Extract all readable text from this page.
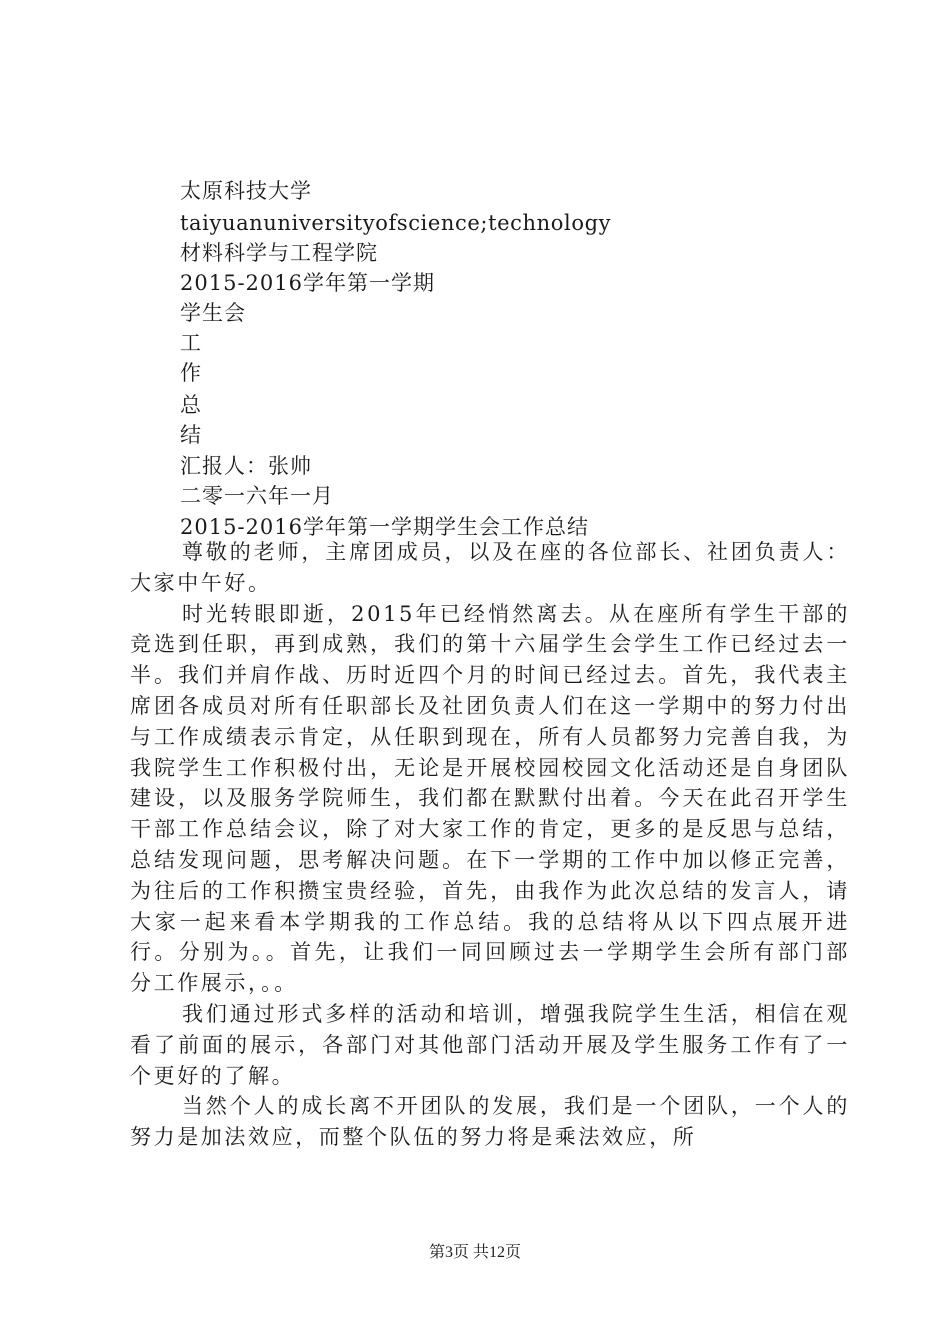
太原科技大学
taiyuanuniversityofscience;technology
材料科学与工程学院
2015-2016学年第一学期
学生会
工
作
总
结
汇报人：张帅
二零一六年一月
2015-2016学年第一学期学生会工作总结

尊敬的老师，主席团成员，以及在座的各位部长、社团负责人：大家中午好。

时光转眼即逝，2015年已经悄然离去。从在座所有学生干部的竞选到任职，再到成熟，我们的第十六届学生会学生工作已经过去一半。我们并肩作战、历时近四个月的时间已经过去。首先，我代表主席团各成员对所有任职部长及社团负责人们在这一学期中的努力付出与工作成绩表示肯定，从任职到现在，所有人员都努力完善自我，为我院学生工作积极付出，无论是开展校园校园文化活动还是自身团队建设，以及服务学院师生，我们都在默默付出着。今天在此召开学生干部工作总结会议，除了对大家工作的肯定，更多的是反思与总结，总结发现问题，思考解决问题。在下一学期的工作中加以修正完善，为往后的工作积攒宝贵经验，首先，由我作为此次总结的发言人，请大家一起来看本学期我的工作总结。我的总结将从以下四点展开进行。分别为。。首先，让我们一同回顾过去一学期学生会所有部门部分工作展示，。。

我们通过形式多样的活动和培训，增强我院学生生活，相信在观看了前面的展示，各部门对其他部门活动开展及学生服务工作有了一个更好的了解。

当然个人的成长离不开团队的发展，我们是一个团队，一个人的努力是加法效应，而整个队伍的努力将是乘法效应，所

第3页 共12页
